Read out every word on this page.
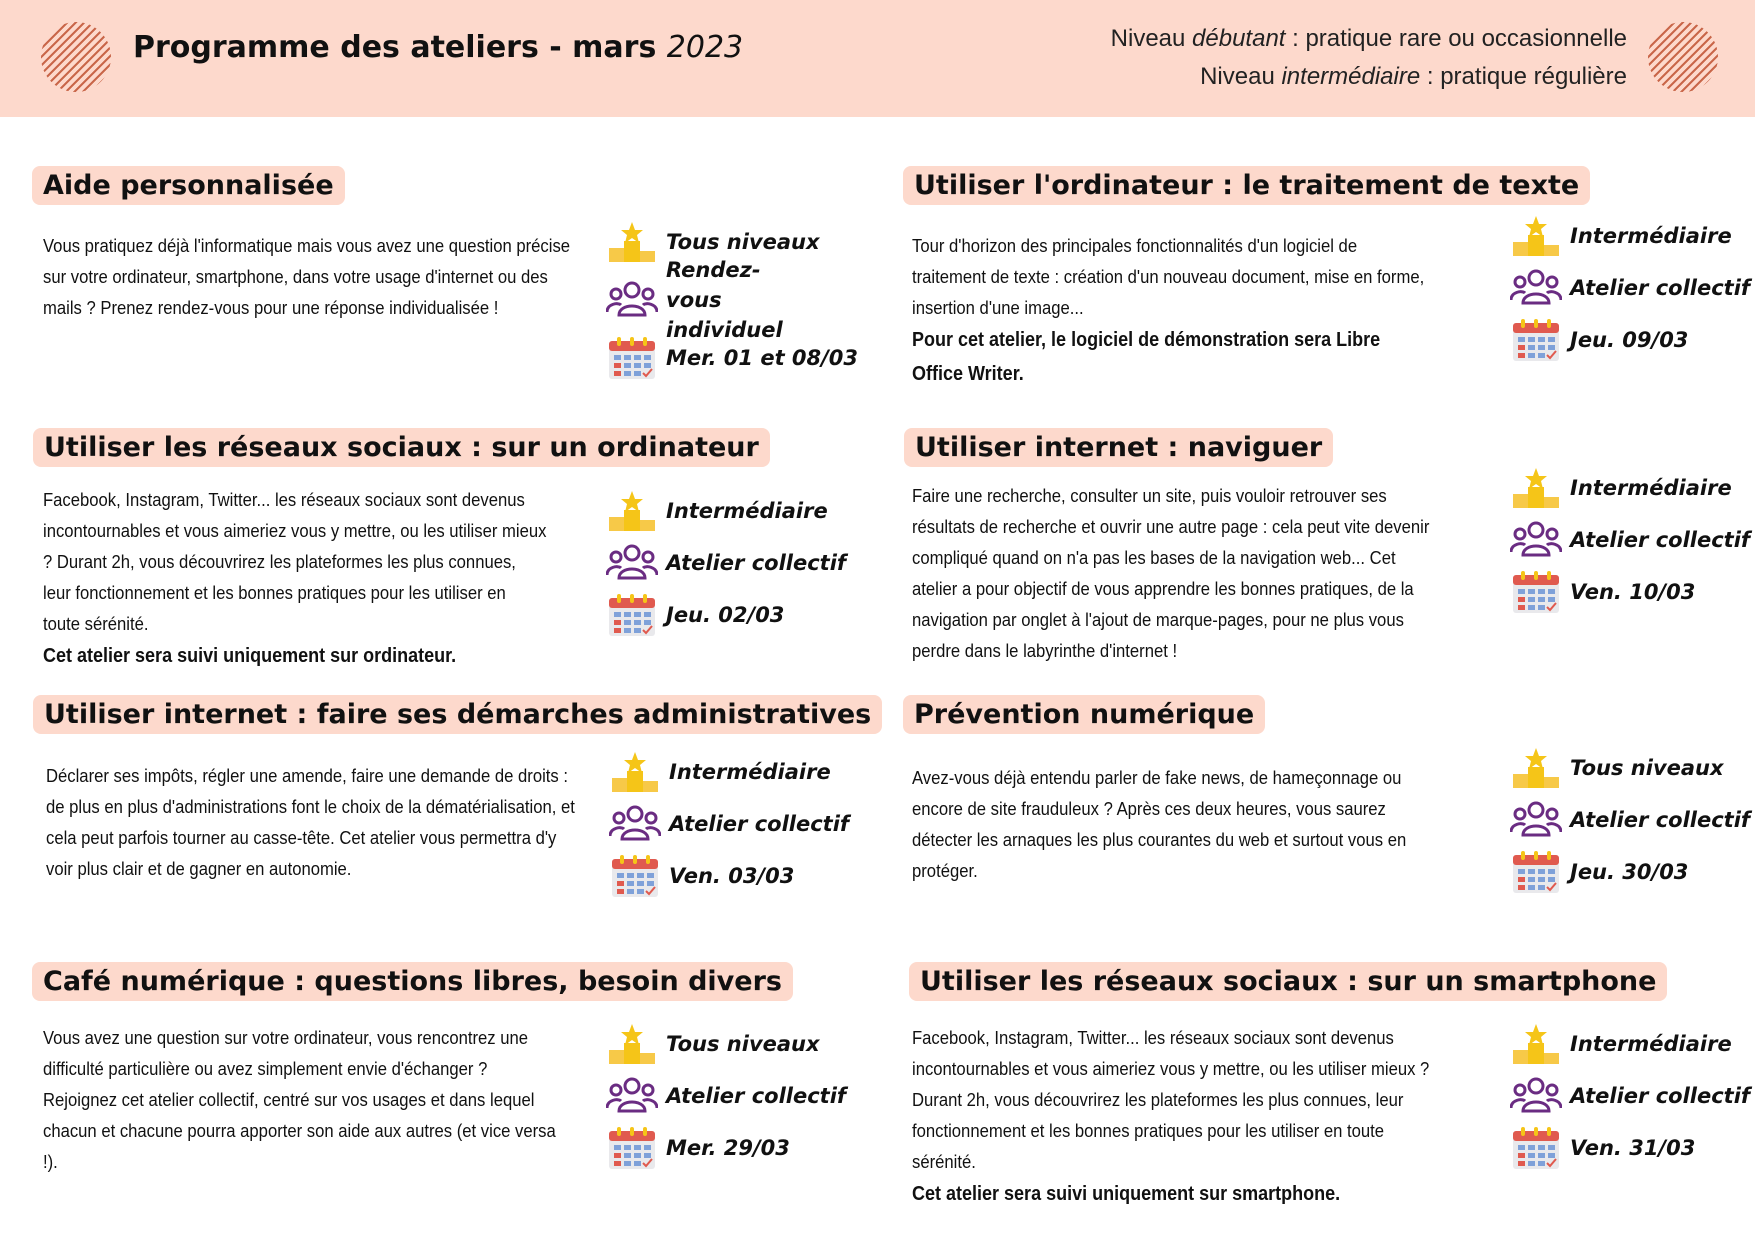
Programme des ateliers - mars 2023	Niveau débutant : pratique rare ou occasionnelle
Niveau intermédiaire : pratique régulière
Aide personnalisée
Vous pratiquez déjà l'informatique mais vous avez une question précise sur votre ordinateur, smartphone, dans votre usage d'internet ou des mails ? Prenez rendez-vous pour une réponse individualisée !
Tous niveaux
Rendez-vous individuel
Mer. 01 et 08/03
Utiliser l'ordinateur : le traitement de texte
Tour d'horizon des principales fonctionnalités d'un logiciel de traitement de texte : création d'un nouveau document, mise en forme, insertion d'une image...
Pour cet atelier, le logiciel de démonstration sera Libre Office Writer.
Intermédiaire
Atelier collectif
Jeu. 09/03
Utiliser les réseaux sociaux : sur un ordinateur
Facebook, Instagram, Twitter... les réseaux sociaux sont devenus incontournables et vous aimeriez vous y mettre, ou les utiliser mieux ? Durant 2h, vous découvrirez les plateformes les plus connues, leur fonctionnement et les bonnes pratiques pour les utiliser en toute sérénité.
Cet atelier sera suivi uniquement sur ordinateur.
Intermédiaire
Atelier collectif
Jeu. 02/03
Utiliser internet : naviguer
Faire une recherche, consulter un site, puis vouloir retrouver ses résultats de recherche et ouvrir une autre page : cela peut vite devenir compliqué quand on n'a pas les bases de la navigation web... Cet atelier a pour objectif de vous apprendre les bonnes pratiques, de la navigation par onglet à l'ajout de marque-pages, pour ne plus vous perdre dans le labyrinthe d'internet !
Intermédiaire
Atelier collectif
Ven. 10/03
Utiliser internet : faire ses démarches administratives
Déclarer ses impôts, régler une amende, faire une demande de droits : de plus en plus d'administrations font le choix de la dématérialisation, et cela peut parfois tourner au casse-tête. Cet atelier vous permettra d'y voir plus clair et de gagner en autonomie.
Intermédiaire
Atelier collectif
Ven. 03/03
Prévention numérique
Avez-vous déjà entendu parler de fake news, de hameçonnage ou encore de site frauduleux ? Après ces deux heures, vous saurez détecter les arnaques les plus courantes du web et surtout vous en protéger.
Tous niveaux
Atelier collectif
Jeu. 30/03
Café numérique : questions libres, besoin divers
Vous avez une question sur votre ordinateur, vous rencontrez une difficulté particulière ou avez simplement envie d'échanger ? Rejoignez cet atelier collectif, centré sur vos usages et dans lequel chacun et chacune pourra apporter son aide aux autres (et vice versa !).
Tous niveaux
Atelier collectif
Mer. 29/03
Utiliser les réseaux sociaux : sur un smartphone
Facebook, Instagram, Twitter... les réseaux sociaux sont devenus incontournables et vous aimeriez vous y mettre, ou les utiliser mieux ? Durant 2h, vous découvrirez les plateformes les plus connues, leur fonctionnement et les bonnes pratiques pour les utiliser en toute sérénité.
Cet atelier sera suivi uniquement sur smartphone.
Intermédiaire
Atelier collectif
Ven. 31/03
